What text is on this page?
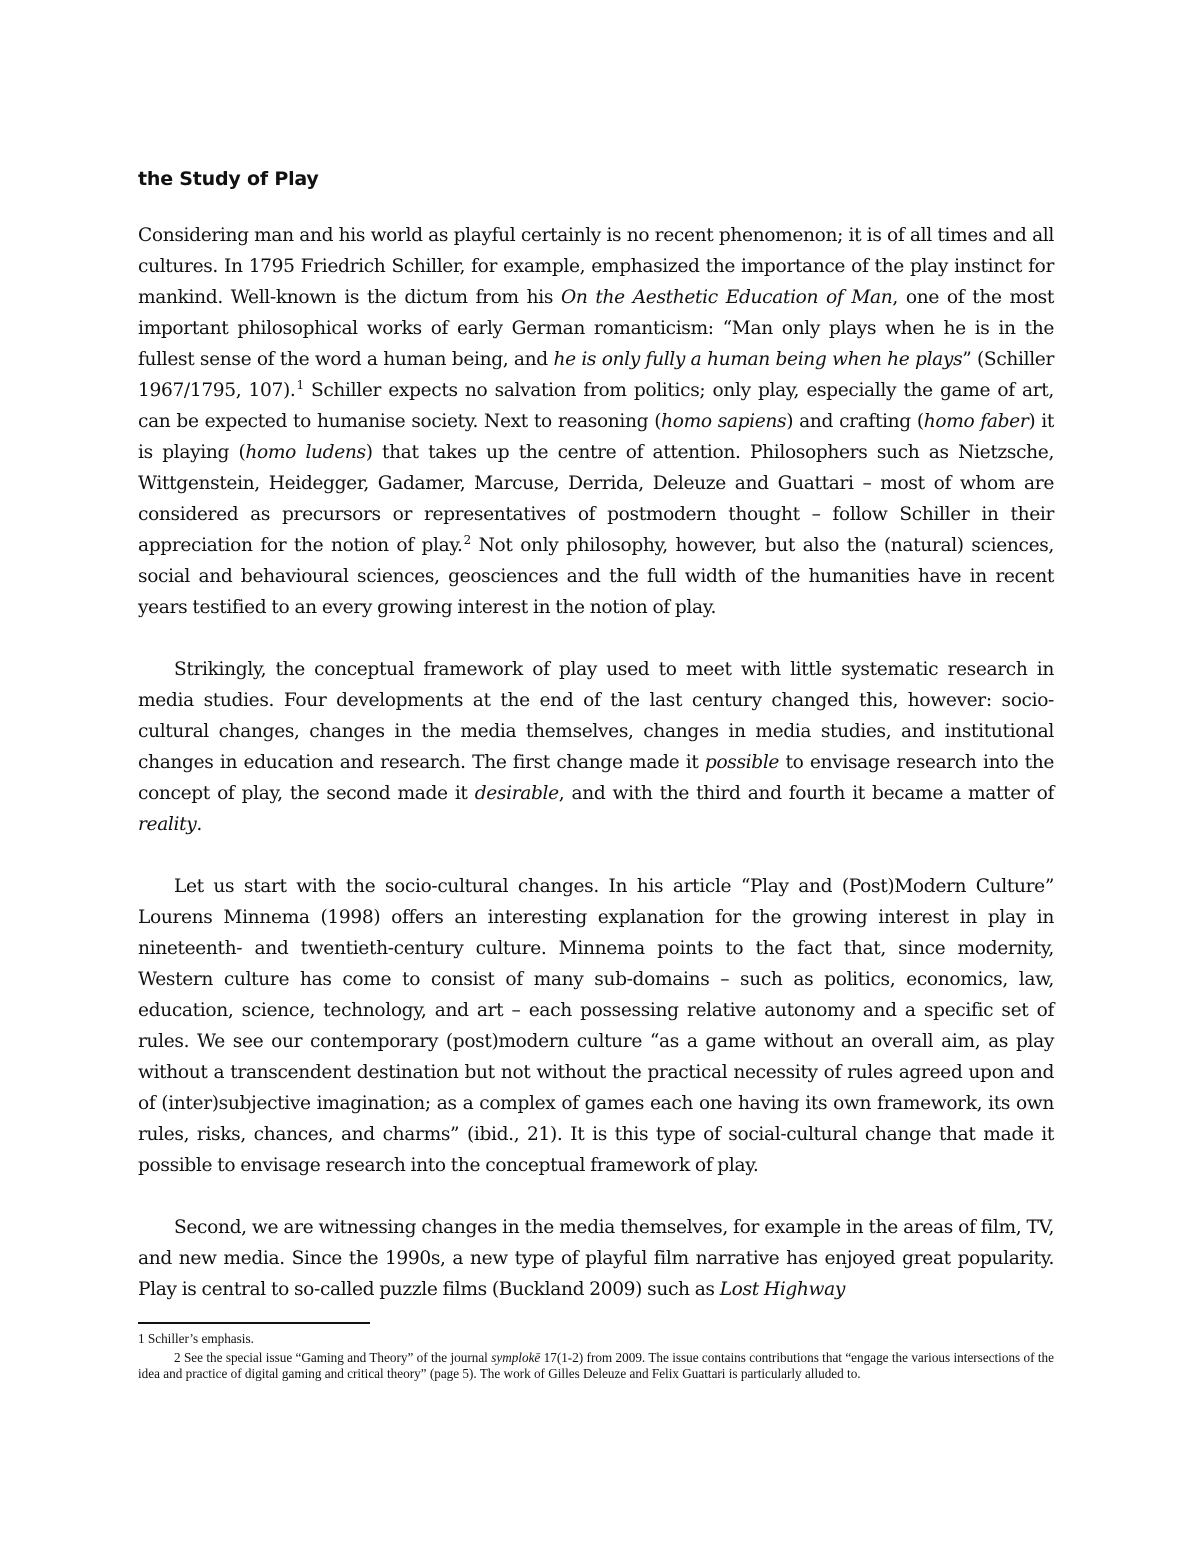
the Study of Play

Considering man and his world as playful certainly is no recent phenomenon; it is of all times and all cultures. In 1795 Friedrich Schiller, for example, emphasized the importance of the play instinct for mankind. Well-known is the dictum from his On the Aesthetic Education of Man, one of the most important philosophical works of early German romanticism: “Man only plays when he is in the fullest sense of the word a human being, and he is only fully a human being when he plays” (Schiller 1967/1795, 107).$^1$ Schiller expects no salvation from politics; only play, especially the game of art, can be expected to humanise society. Next to reasoning (homo sapiens) and crafting (homo faber) it is playing (homo ludens) that takes up the centre of attention. Philosophers such as Nietzsche, Wittgenstein, Heidegger, Gadamer, Marcuse, Derrida, Deleuze and Guattari – most of whom are considered as precursors or representatives of postmodern thought – follow Schiller in their appreciation for the notion of play.$^2$ Not only philosophy, however, but also the (natural) sciences, social and behavioural sciences, geosciences and the full width of the humanities have in recent years testified to an every growing interest in the notion of play.

Strikingly, the conceptual framework of play used to meet with little systematic research in media studies. Four developments at the end of the last century changed this, however: socio-cultural changes, changes in the media themselves, changes in media studies, and institutional changes in education and research. The first change made it possible to envisage research into the concept of play, the second made it desirable, and with the third and fourth it became a matter of reality.

Let us start with the socio-cultural changes. In his article “Play and (Post)Modern Culture” Lourens Minnema (1998) offers an interesting explanation for the growing interest in play in nineteenth- and twentieth-century culture. Minnema points to the fact that, since modernity, Western culture has come to consist of many sub-domains – such as politics, economics, law, education, science, technology, and art – each possessing relative autonomy and a specific set of rules. We see our contemporary (post)modern culture “as a game without an overall aim, as play without a transcendent destination but not without the practical necessity of rules agreed upon and of (inter)subjective imagination; as a complex of games each one having its own framework, its own rules, risks, chances, and charms” (ibid., 21). It is this type of social-cultural change that made it possible to envisage research into the conceptual framework of play.

Second, we are witnessing changes in the media themselves, for example in the areas of film, TV, and new media. Since the 1990s, a new type of playful film narrative has enjoyed great popularity. Play is central to so-called puzzle films (Buckland 2009) such as Lost Highway

1 Schiller’s emphasis.

2 See the special issue “Gaming and Theory” of the journal symplokē 17(1-2) from 2009. The issue contains contributions that “engage the various intersections of the idea and practice of digital gaming and critical theory” (page 5). The work of Gilles Deleuze and Felix Guattari is particularly alluded to.
